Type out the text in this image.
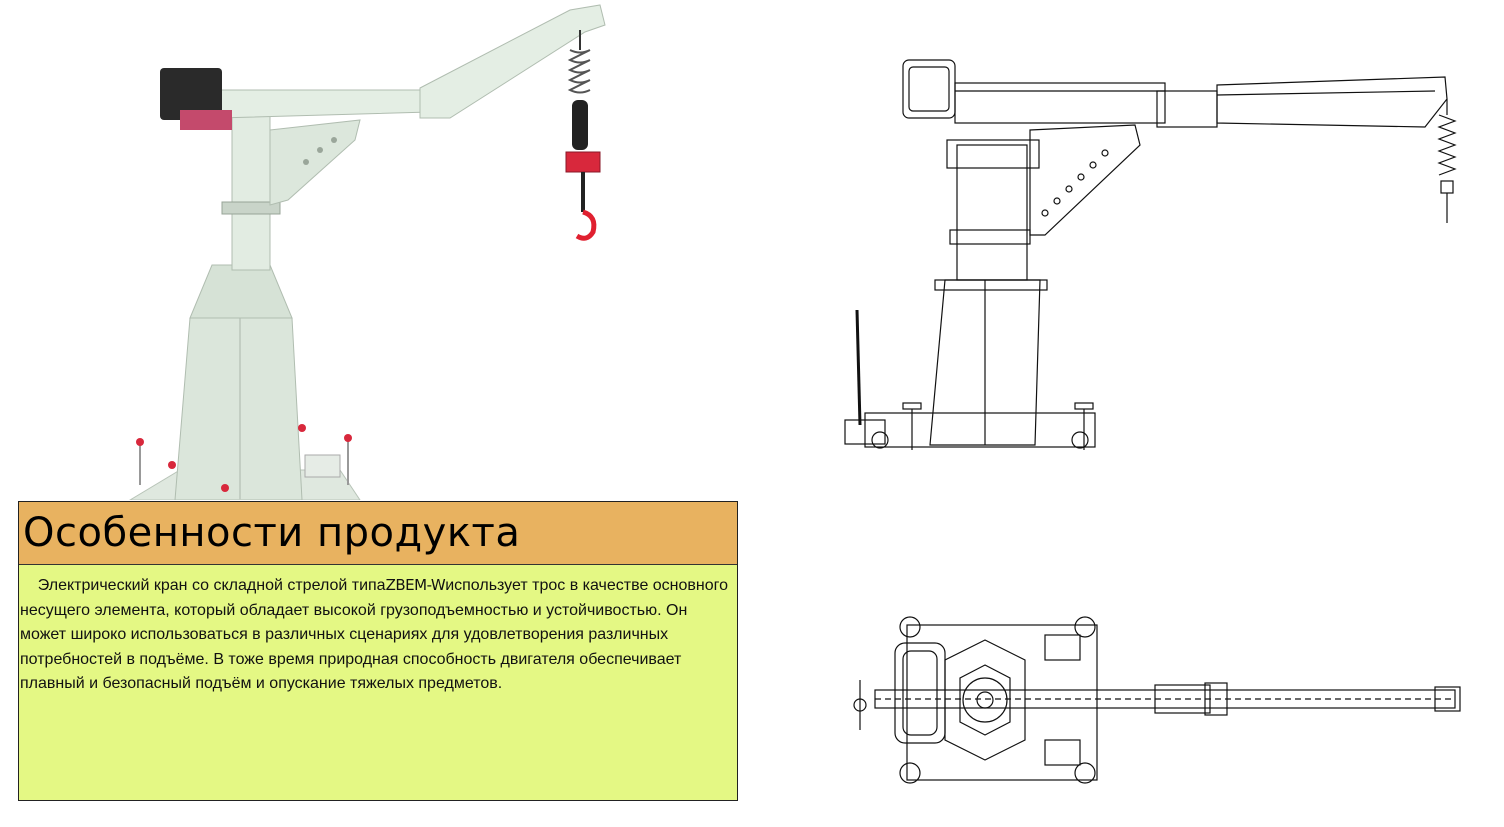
Особенности продукта
Электрический кран со складной стрелой типаZBEM-Wиспользует трос в качестве основного несущего элемента, который обладает высокой грузоподъемностью и устойчивостью. Он может широко использоваться в различных сценариях для удовлетворения различных потребностей в подъёме. В тоже время природная способность двигателя обеспечивает плавный и безопасный подъём и опускание тяжелых предметов.
